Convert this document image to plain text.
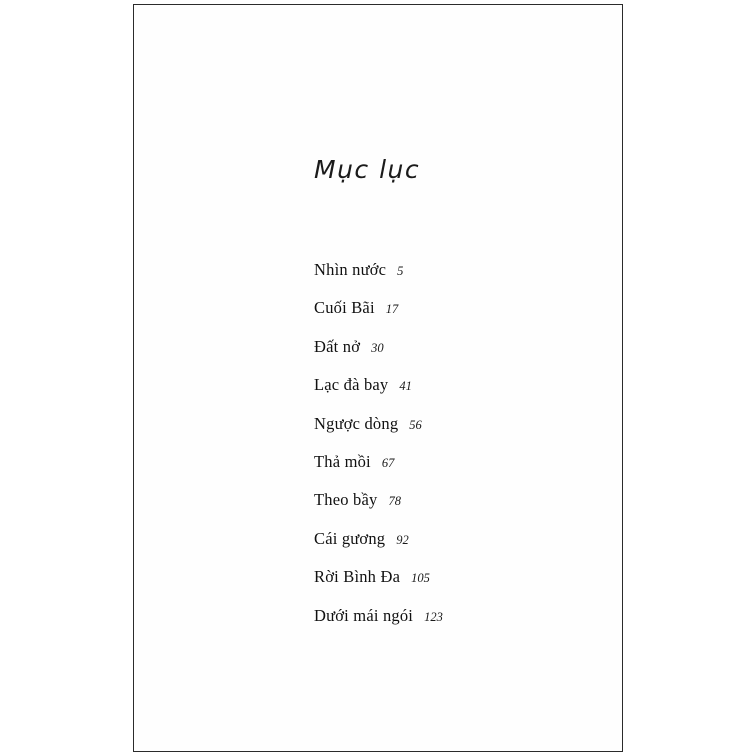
Mục lục
Nhìn nước 5
Cuối Bãi 17
Đất nở 30
Lạc đà bay 41
Ngược dòng 56
Thả mồi 67
Theo bầy 78
Cái gương 92
Rời Bình Đa 105
Dưới mái ngói 123
